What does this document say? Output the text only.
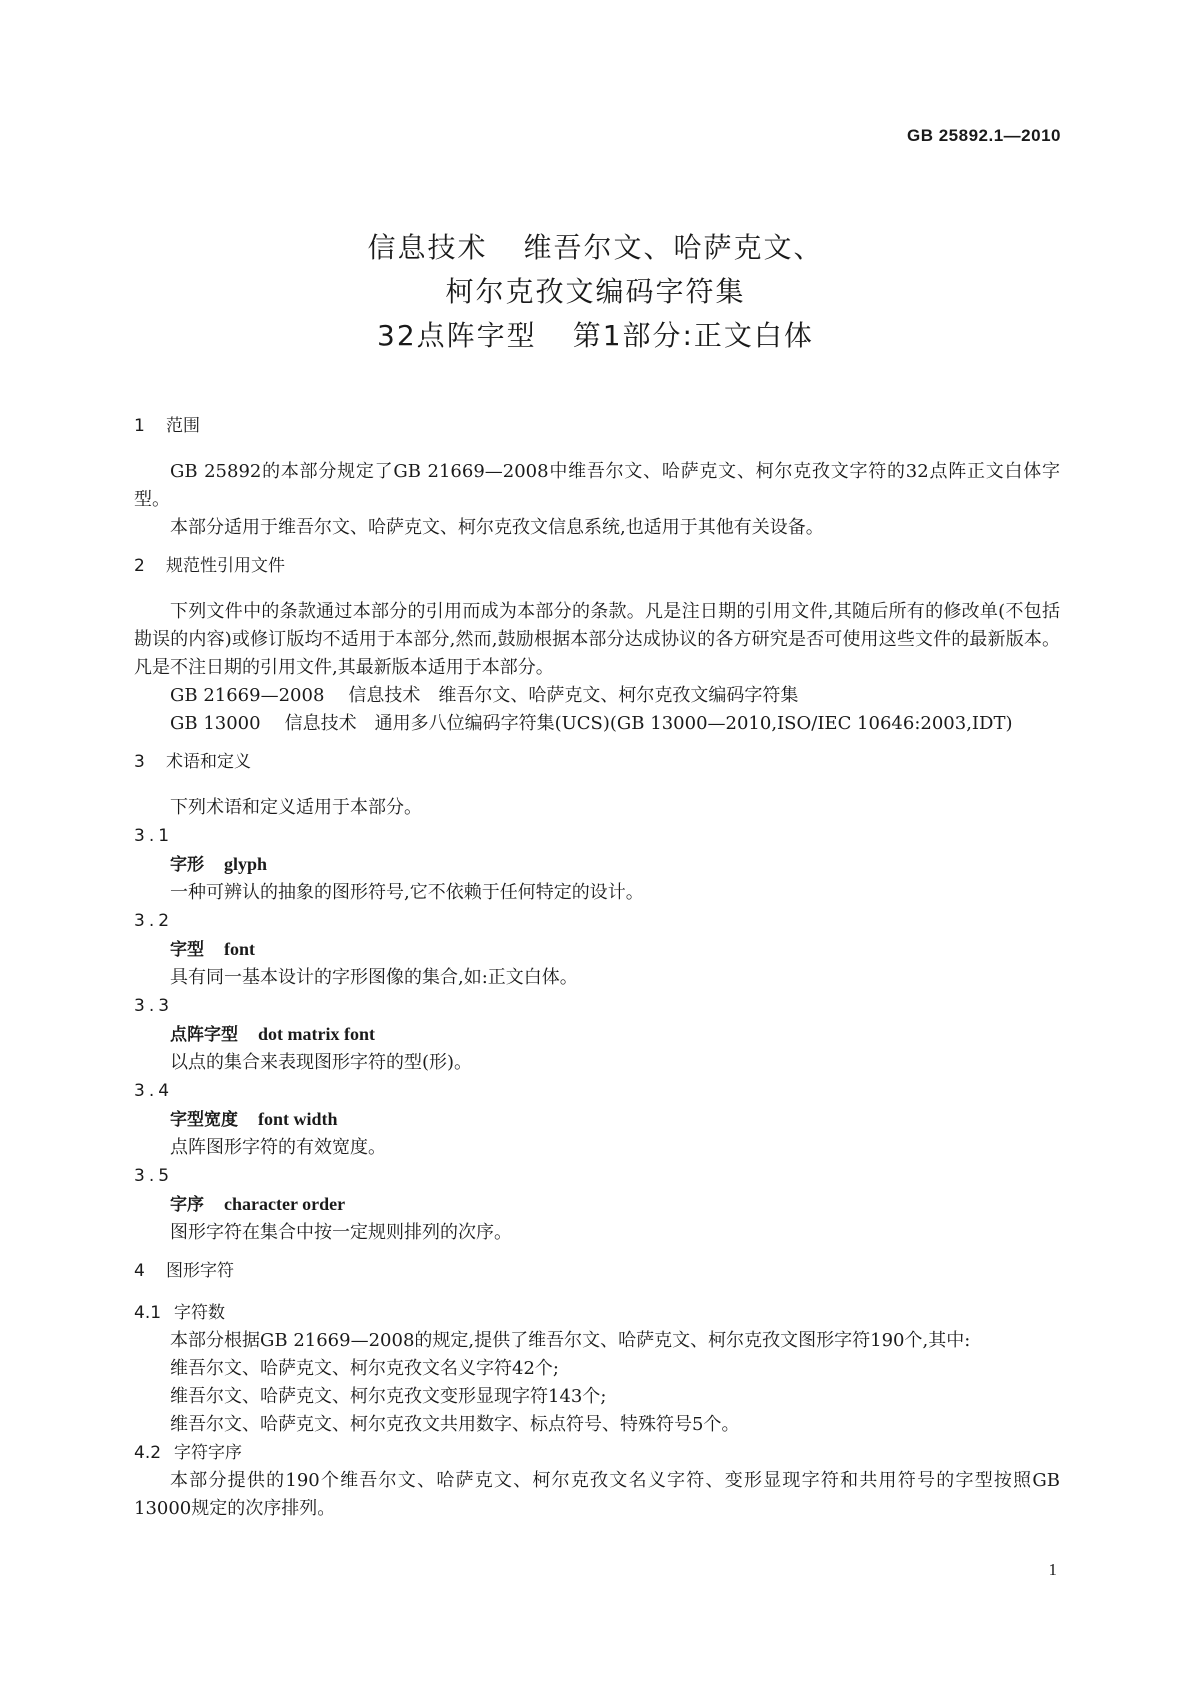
GB 25892.1—2010
信息技术 维吾尔文、哈萨克文、
柯尔克孜文编码字符集
32点阵字型 第1部分:正文白体

1 范围

GB 25892的本部分规定了GB 21669—2008中维吾尔文、哈萨克文、柯尔克孜文字符的32点阵正文白体字型。

本部分适用于维吾尔文、哈萨克文、柯尔克孜文信息系统,也适用于其他有关设备。

2 规范性引用文件

下列文件中的条款通过本部分的引用而成为本部分的条款。凡是注日期的引用文件,其随后所有的修改单(不包括勘误的内容)或修订版均不适用于本部分,然而,鼓励根据本部分达成协议的各方研究是否可使用这些文件的最新版本。凡是不注日期的引用文件,其最新版本适用于本部分。

GB 21669—2008 信息技术　维吾尔文、哈萨克文、柯尔克孜文编码字符集

GB 13000 信息技术　通用多八位编码字符集(UCS)(GB 13000—2010,ISO/IEC 10646:2003,IDT)

3 术语和定义

下列术语和定义适用于本部分。

3.1

字形 glyph

一种可辨认的抽象的图形符号,它不依赖于任何特定的设计。

3.2

字型 font

具有同一基本设计的字形图像的集合,如:正文白体。

3.3

点阵字型 dot matrix font

以点的集合来表现图形字符的型(形)。

3.4

字型宽度 font width

点阵图形字符的有效宽度。

3.5

字序 character order

图形字符在集合中按一定规则排列的次序。

4 图形字符

4.1 字符数

本部分根据GB 21669—2008的规定,提供了维吾尔文、哈萨克文、柯尔克孜文图形字符190个,其中:

维吾尔文、哈萨克文、柯尔克孜文名义字符42个;

维吾尔文、哈萨克文、柯尔克孜文变形显现字符143个;

维吾尔文、哈萨克文、柯尔克孜文共用数字、标点符号、特殊符号5个。

4.2 字符字序

本部分提供的190个维吾尔文、哈萨克文、柯尔克孜文名义字符、变形显现字符和共用符号的字型按照GB 13000规定的次序排列。

1
